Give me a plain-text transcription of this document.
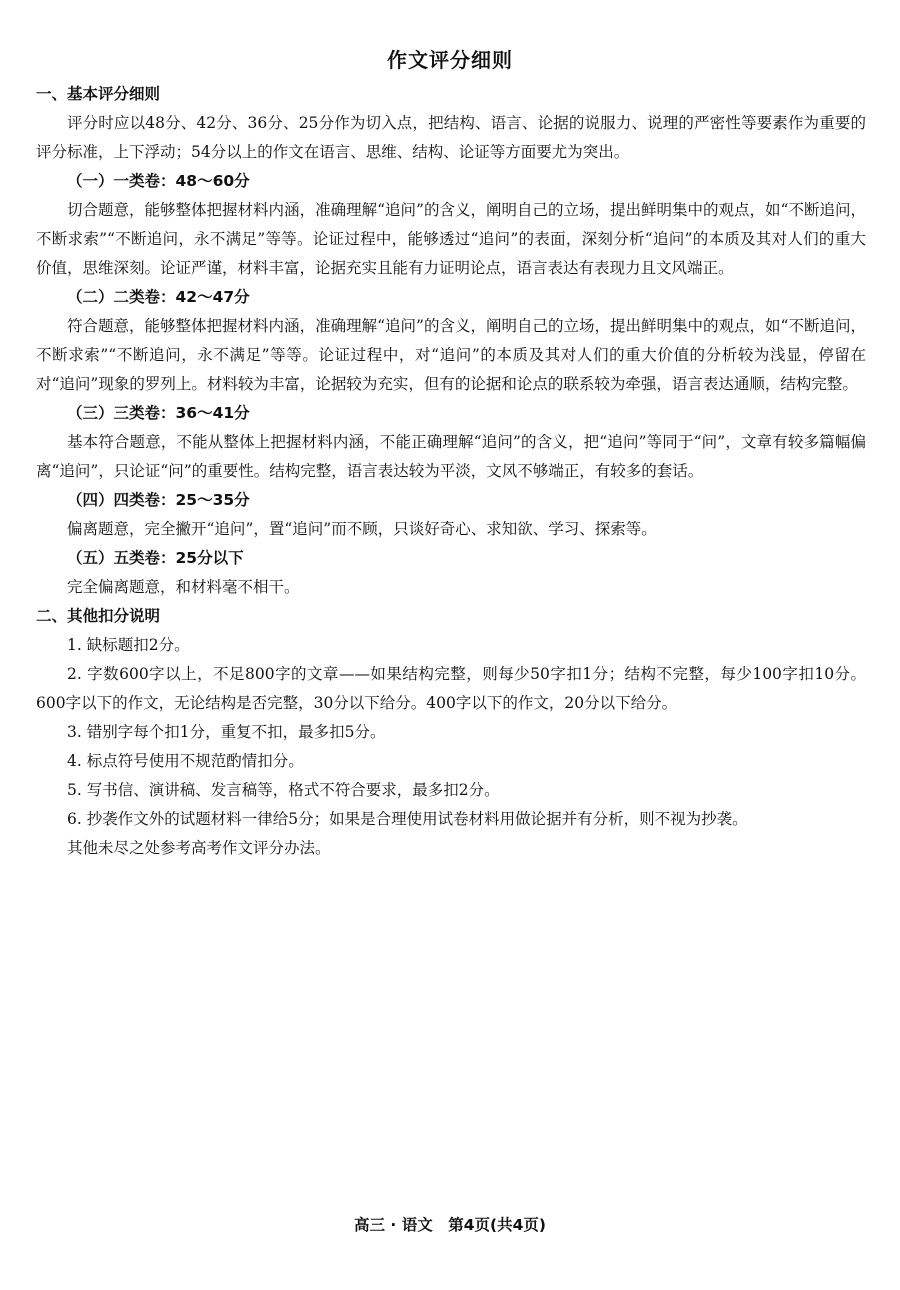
作文评分细则

一、基本评分细则

评分时应以48分、42分、36分、25分作为切入点，把结构、语言、论据的说服力、说理的严密性等要素作为重要的评分标准，上下浮动；54分以上的作文在语言、思维、结构、论证等方面要尤为突出。

（一）一类卷：48～60分

切合题意，能够整体把握材料内涵，准确理解“追问”的含义，阐明自己的立场，提出鲜明集中的观点，如“不断追问，不断求索”“不断追问，永不满足”等等。论证过程中，能够透过“追问”的表面，深刻分析“追问”的本质及其对人们的重大价值，思维深刻。论证严谨，材料丰富，论据充实且能有力证明论点，语言表达有表现力且文风端正。

（二）二类卷：42～47分

符合题意，能够整体把握材料内涵，准确理解“追问”的含义，阐明自己的立场，提出鲜明集中的观点，如“不断追问，不断求索”“不断追问，永不满足”等等。论证过程中，对“追问”的本质及其对人们的重大价值的分析较为浅显，停留在对“追问”现象的罗列上。材料较为丰富，论据较为充实，但有的论据和论点的联系较为牵强，语言表达通顺，结构完整。

（三）三类卷：36～41分

基本符合题意，不能从整体上把握材料内涵，不能正确理解“追问”的含义，把“追问”等同于“问”，文章有较多篇幅偏离“追问”，只论证“问”的重要性。结构完整，语言表达较为平淡，文风不够端正，有较多的套话。

（四）四类卷：25～35分

偏离题意，完全撇开“追问”，置“追问”而不顾，只谈好奇心、求知欲、学习、探索等。

（五）五类卷：25分以下

完全偏离题意，和材料毫不相干。

二、其他扣分说明

1. 缺标题扣2分。

2. 字数600字以上，不足800字的文章——如果结构完整，则每少50字扣1分；结构不完整，每少100字扣10分。600字以下的作文，无论结构是否完整，30分以下给分。400字以下的作文，20分以下给分。

3. 错别字每个扣1分，重复不扣，最多扣5分。

4. 标点符号使用不规范酌情扣分。

5. 写书信、演讲稿、发言稿等，格式不符合要求，最多扣2分。

6. 抄袭作文外的试题材料一律给5分；如果是合理使用试卷材料用做论据并有分析，则不视为抄袭。

其他未尽之处参考高考作文评分办法。

高三 · 语文　第4页(共4页)
